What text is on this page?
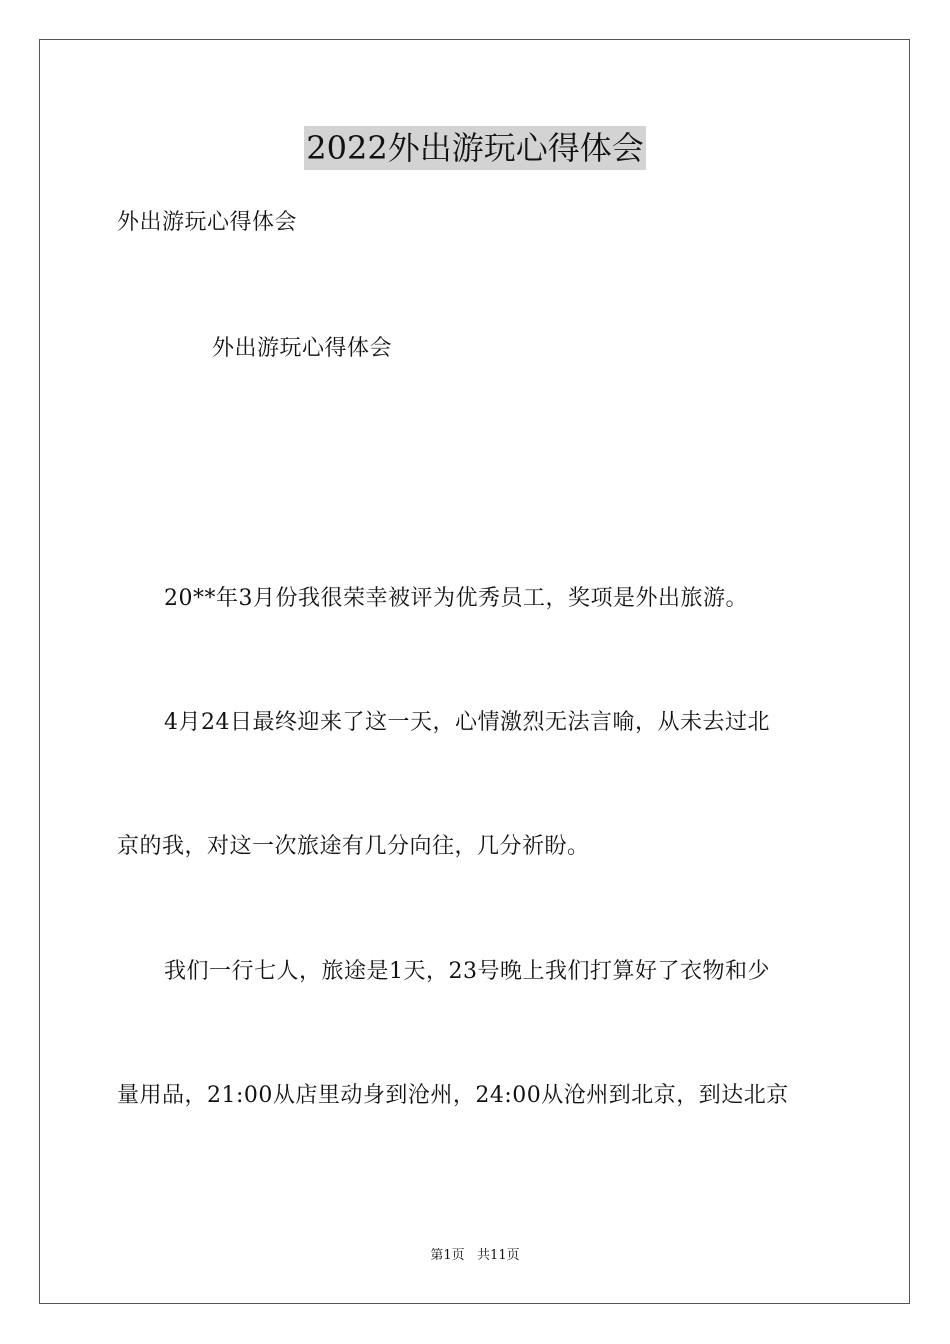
2022外出游玩心得体会
外出游玩心得体会
外出游玩心得体会
20**年3月份我很荣幸被评为优秀员工，奖项是外出旅游。
4月24日最终迎来了这一天，心情激烈无法言喻，从未去过北
京的我，对这一次旅途有几分向往，几分祈盼。
我们一行七人，旅途是1天，23号晚上我们打算好了衣物和少
量用品，21:00从店里动身到沧州，24:00从沧州到北京，到达北京
第1页   共11页
